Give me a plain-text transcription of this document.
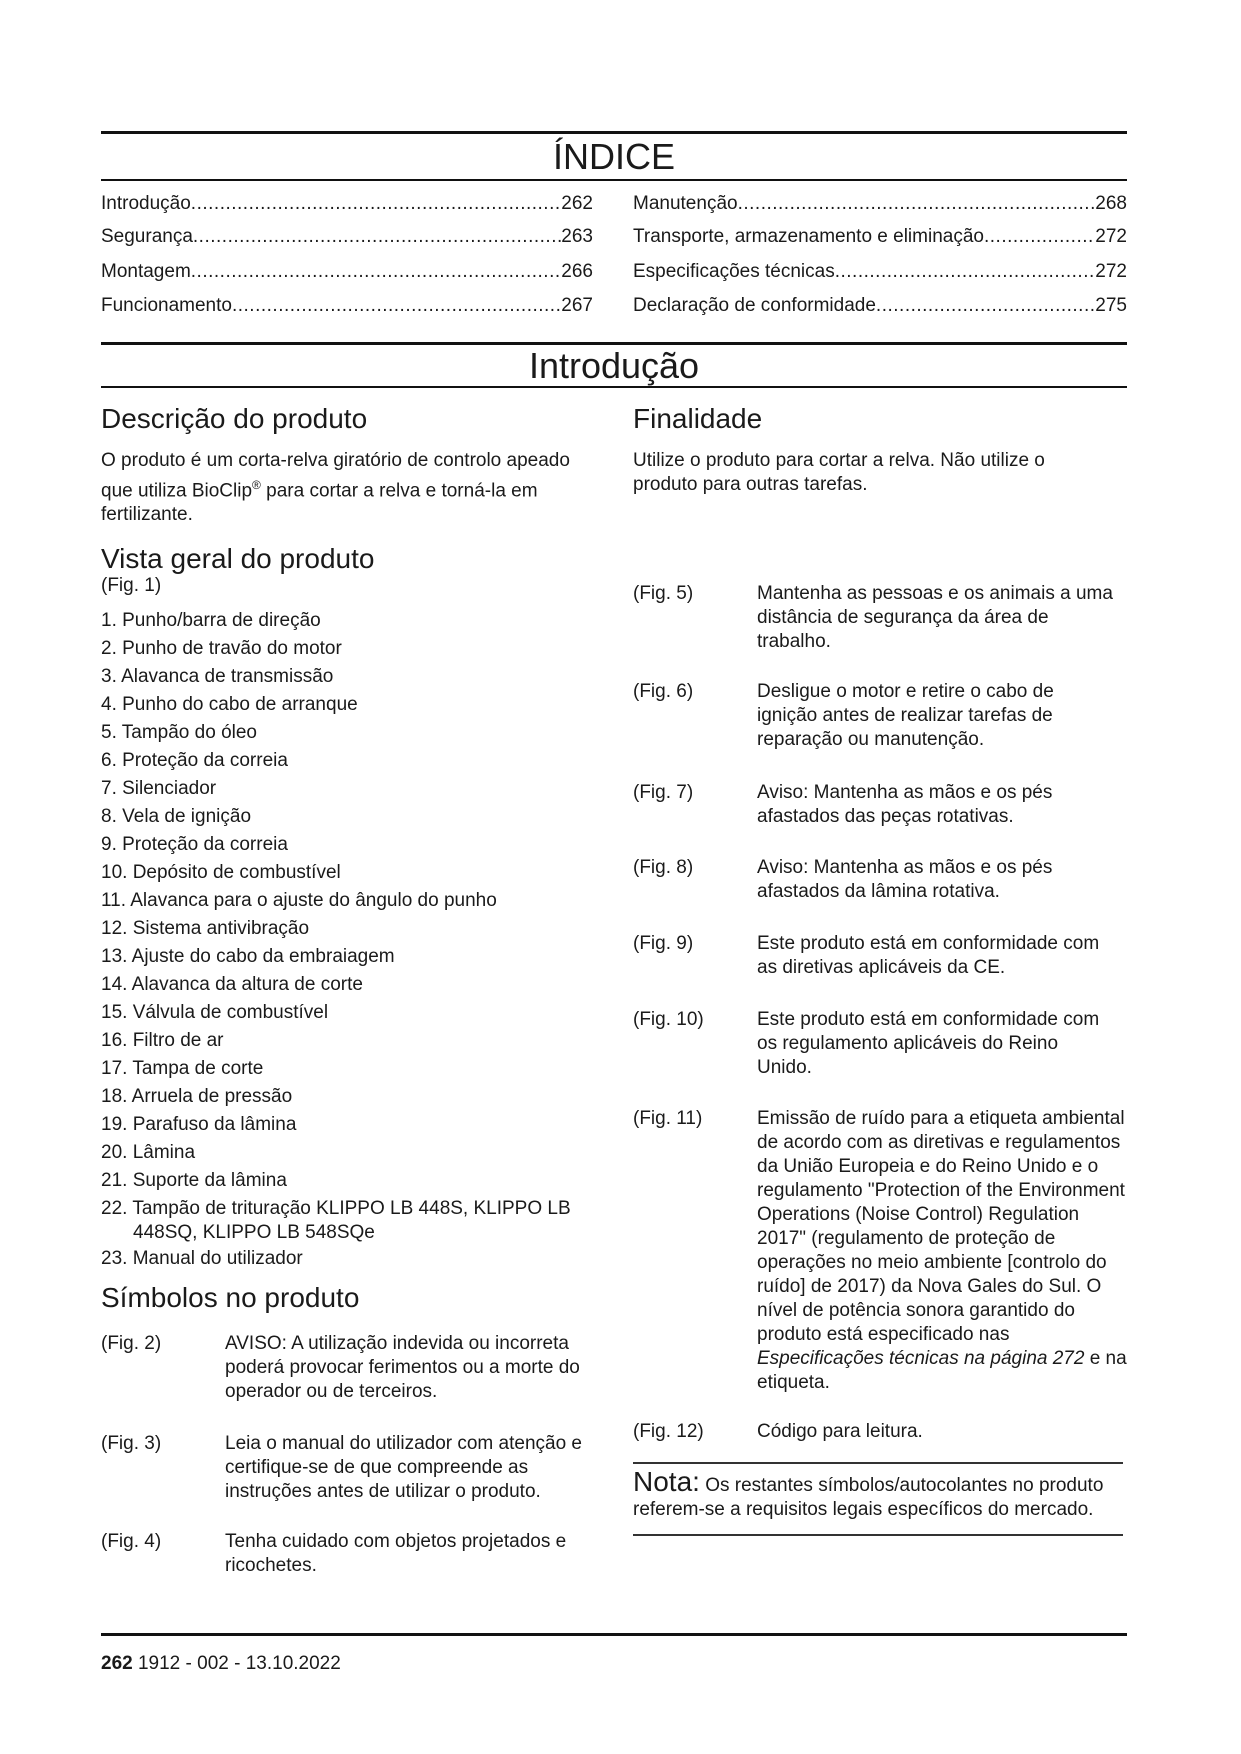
ÍNDICE
Introdução .....	262
Segurança .....	263
Montagem .....	266
Funcionamento .....	267
Manutenção .....	268
Transporte, armazenamento e eliminação .....	272
Especificações técnicas .....	272
Declaração de conformidade .....	275
Introdução
Descrição do produto
O produto é um corta-relva giratório de controlo apeado
que utiliza BioClip® para cortar a relva e torná-la em
fertilizante.
Finalidade
Utilize o produto para cortar a relva. Não utilize o produto para outras tarefas.
Vista geral do produto
(Fig. 1)
1. Punho/barra de direção
2. Punho de travão do motor
3. Alavanca de transmissão
4. Punho do cabo de arranque
5. Tampão do óleo
6. Proteção da correia
7. Silenciador
8. Vela de ignição
9. Proteção da correia
10. Depósito de combustível
11. Alavanca para o ajuste do ângulo do punho
12. Sistema antivibração
13. Ajuste do cabo da embraiagem
14. Alavanca da altura de corte
15. Válvula de combustível
16. Filtro de ar
17. Tampa de corte
18. Arruela de pressão
19. Parafuso da lâmina
20. Lâmina
21. Suporte da lâmina
22. Tampão de trituração KLIPPO LB 448S, KLIPPO LB 448SQ, KLIPPO LB 548SQe
23. Manual do utilizador
Símbolos no produto
(Fig. 2)	AVISO: A utilização indevida ou incorreta poderá provocar ferimentos ou a morte do operador ou de terceiros.
(Fig. 3)	Leia o manual do utilizador com atenção e certifique-se de que compreende as instruções antes de utilizar o produto.
(Fig. 4)	Tenha cuidado com objetos projetados e ricochetes.
(Fig. 5)	Mantenha as pessoas e os animais a uma distância de segurança da área de trabalho.
(Fig. 6)	Desligue o motor e retire o cabo de ignição antes de realizar tarefas de reparação ou manutenção.
(Fig. 7)	Aviso: Mantenha as mãos e os pés afastados das peças rotativas.
(Fig. 8)	Aviso: Mantenha as mãos e os pés afastados da lâmina rotativa.
(Fig. 9)	Este produto está em conformidade com as diretivas aplicáveis da CE.
(Fig. 10)	Este produto está em conformidade com os regulamento aplicáveis do Reino Unido.
(Fig. 11)	Emissão de ruído para a etiqueta ambiental de acordo com as diretivas e regulamentos da União Europeia e do Reino Unido e o regulamento "Protection of the Environment Operations (Noise Control) Regulation 2017" (regulamento de proteção de operações no meio ambiente [controlo do ruído] de 2017) da Nova Gales do Sul. O nível de potência sonora garantido do produto está especificado nas Especificações técnicas na página 272 e na etiqueta.
(Fig. 12)	Código para leitura.
Nota: Os restantes símbolos/autocolantes no produto referem-se a requisitos legais específicos do mercado.
262 1912 - 002 - 13.10.2022
